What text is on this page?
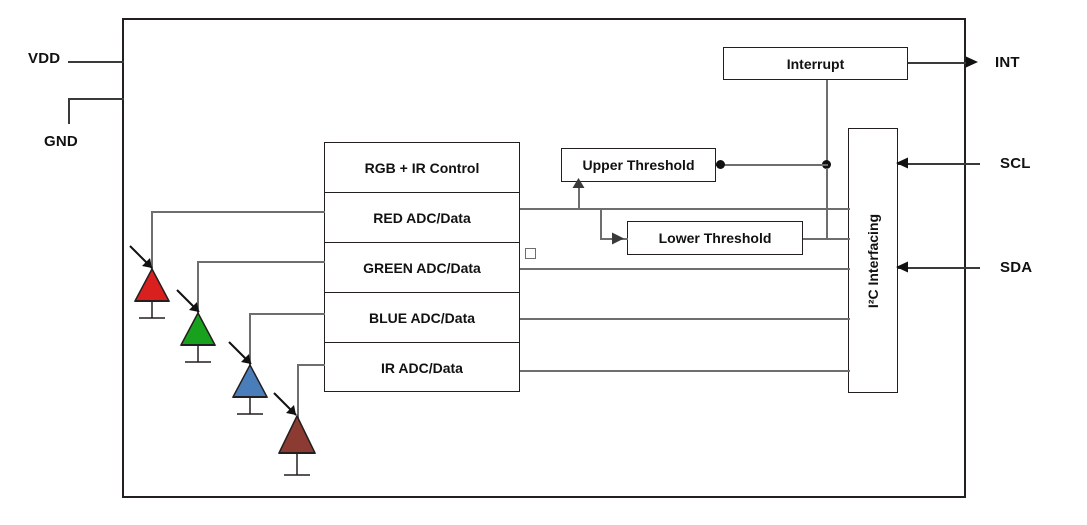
VDD
GND
RGB + IR Control
RED ADC/Data
GREEN ADC/Data
BLUE ADC/Data
IR ADC/Data
Interrupt
Upper Threshold
Lower Threshold	I²C Interfacing
INT
SCL
SDA
